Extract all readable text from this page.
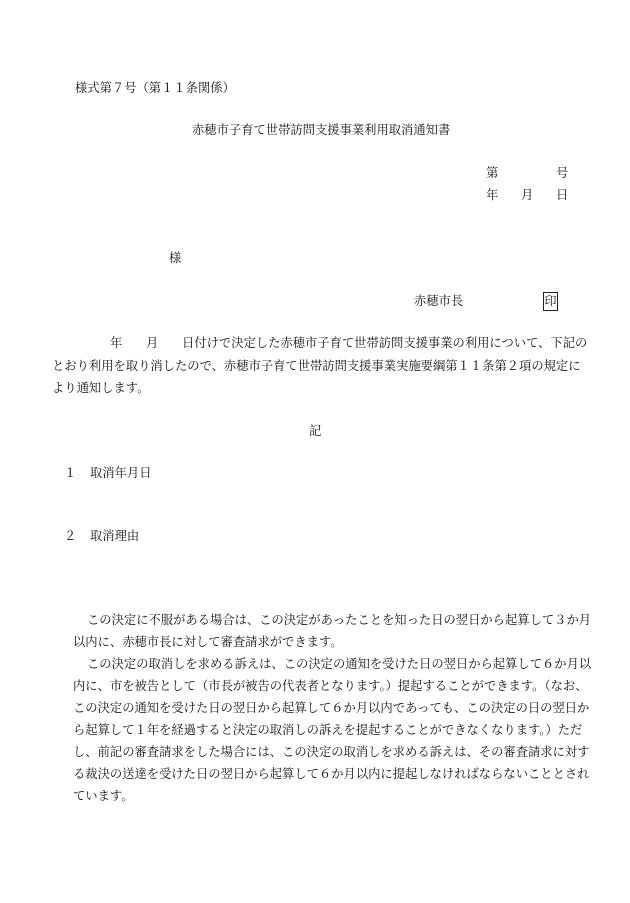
様式第７号（第１１条関係）
赤穂市子育て世帯訪問支援事業利用取消通知書
第	号
年 月 日
様
赤穂市長	印
年 月 日付けで決定した赤穂市子育て世帯訪問支援事業の利用について、下記の
とおり利用を取り消したので、赤穂市子育て世帯訪問支援事業実施要綱第１１条第２項の規定に
より通知します。
記
１ 取消年月日
２ 取消理由
この決定に不服がある場合は、この決定があったことを知った日の翌日から起算して３か月
以内に、赤穂市長に対して審査請求ができます。
この決定の取消しを求める訴えは、この決定の通知を受けた日の翌日から起算して６か月以
内に、市を被告として（市長が被告の代表者となります。）提起することができます。（なお、
この決定の通知を受けた日の翌日から起算して６か月以内であっても、この決定の日の翌日か
ら起算して１年を経過すると決定の取消しの訴えを提起することができなくなります。）ただ
し、前記の審査請求をした場合には、この決定の取消しを求める訴えは、その審査請求に対す
る裁決の送達を受けた日の翌日から起算して６か月以内に提起しなければならないこととされ
ています。
